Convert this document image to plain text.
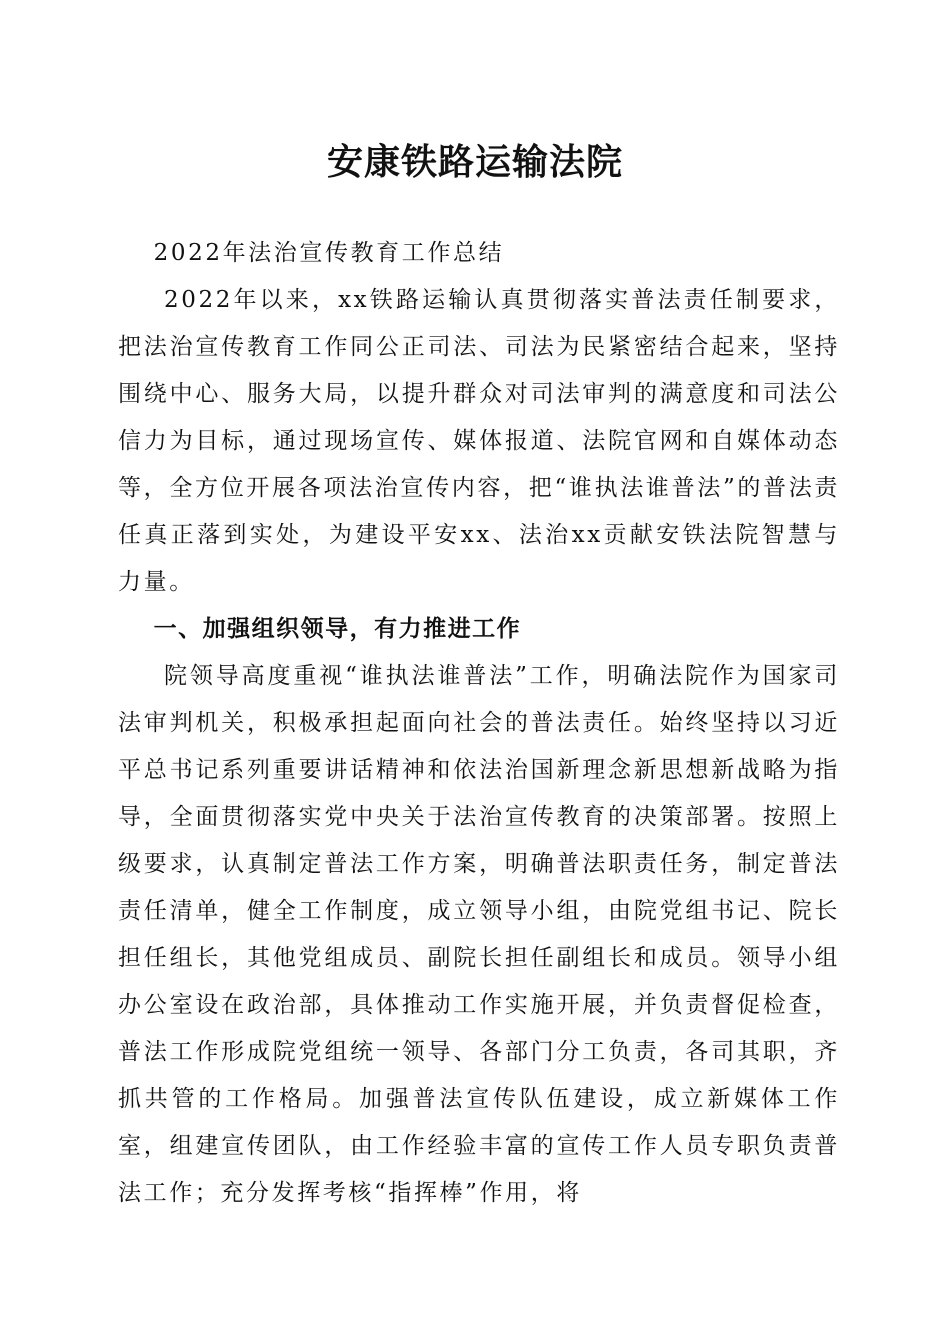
安康铁路运输法院

2022年法治宣传教育工作总结

2022年以来，xx铁路运输认真贯彻落实普法责任制要求，把法治宣传教育工作同公正司法、司法为民紧密结合起来，坚持围绕中心、服务大局，以提升群众对司法审判的满意度和司法公信力为目标，通过现场宣传、媒体报道、法院官网和自媒体动态等，全方位开展各项法治宣传内容，把“谁执法谁普法”的普法责任真正落到实处，为建设平安xx、法治xx贡献安铁法院智慧与力量。

一、加强组织领导，有力推进工作

院领导高度重视“谁执法谁普法”工作，明确法院作为国家司法审判机关，积极承担起面向社会的普法责任。始终坚持以习近平总书记系列重要讲话精神和依法治国新理念新思想新战略为指导，全面贯彻落实党中央关于法治宣传教育的决策部署。按照上级要求，认真制定普法工作方案，明确普法职责任务，制定普法责任清单，健全工作制度，成立领导小组，由院党组书记、院长担任组长，其他党组成员、副院长担任副组长和成员。领导小组办公室设在政治部，具体推动工作实施开展，并负责督促检查，普法工作形成院党组统一领导、各部门分工负责，各司其职，齐抓共管的工作格局。加强普法宣传队伍建设，成立新媒体工作室，组建宣传团队，由工作经验丰富的宣传工作人员专职负责普法工作；充分发挥考核“指挥棒”作用，将
